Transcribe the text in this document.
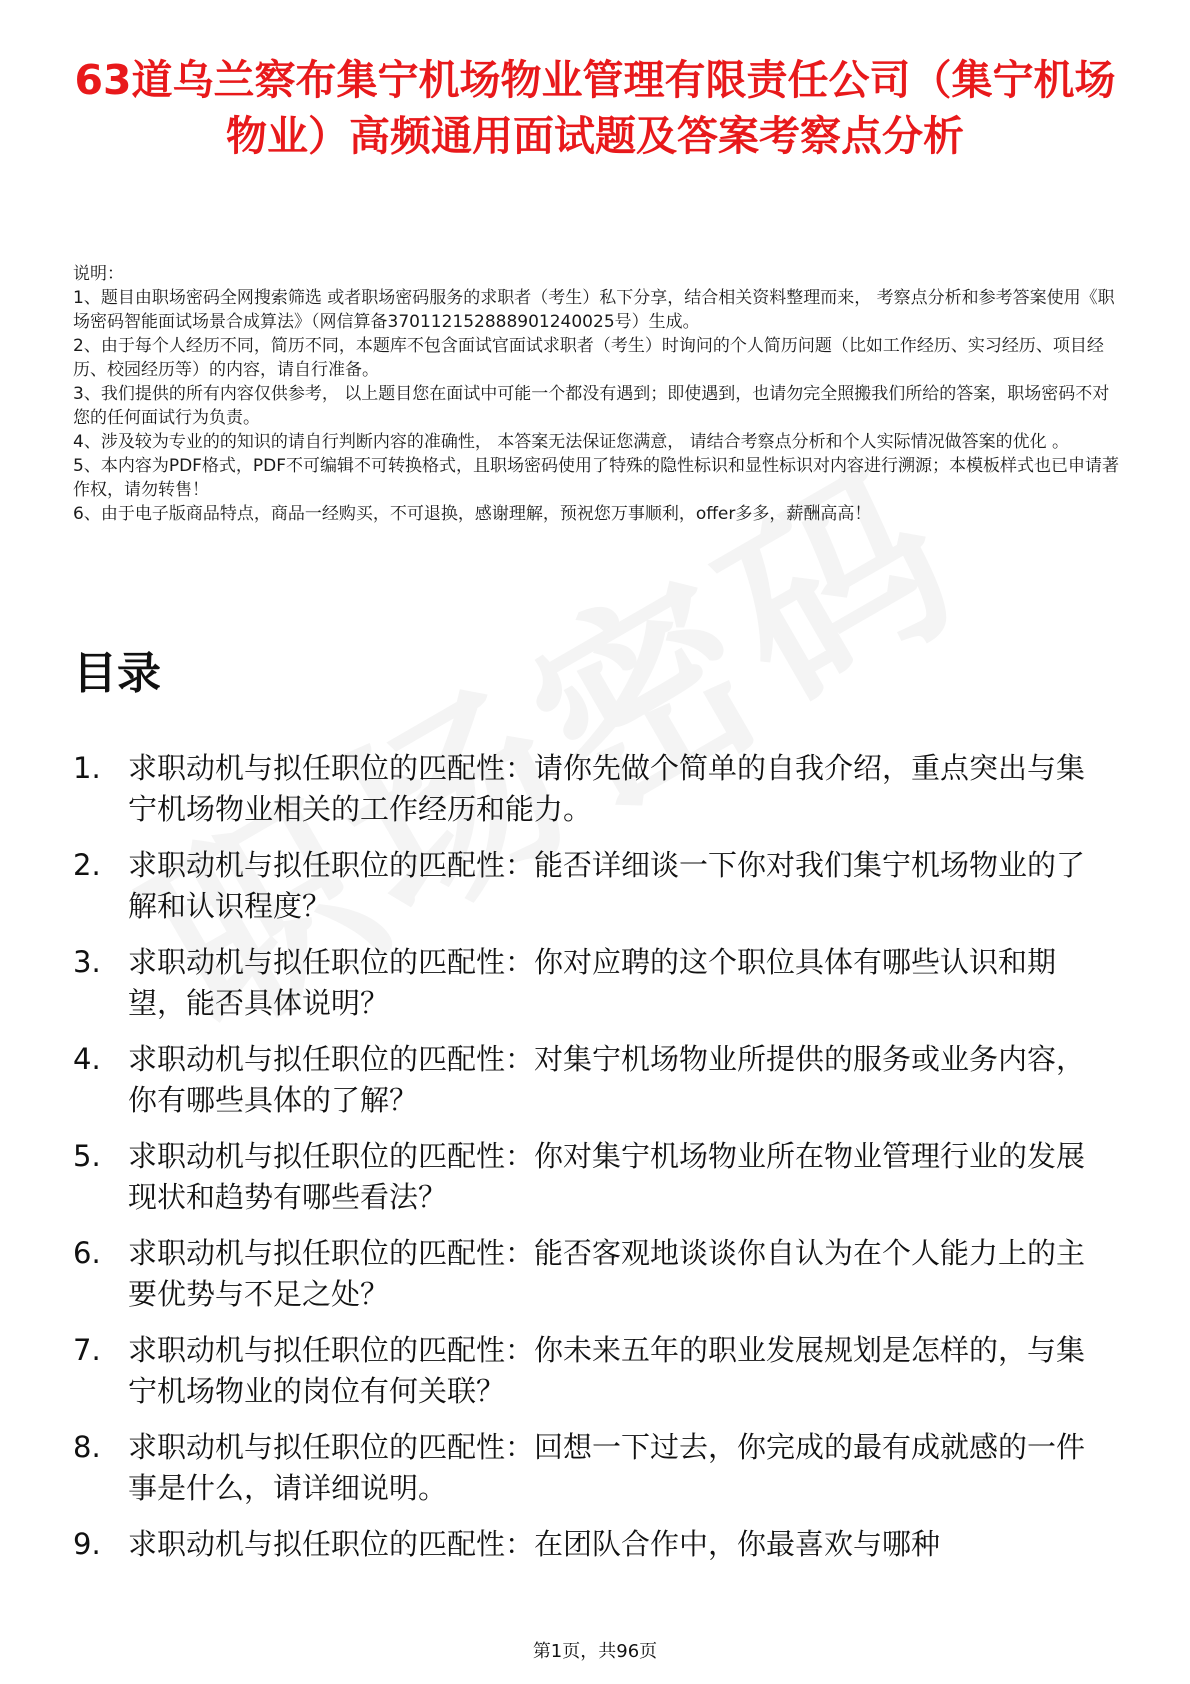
63道乌兰察布集宁机场物业管理有限责任公司（集宁机场物业）高频通用面试题及答案考察点分析

说明：

1、题目由职场密码全网搜索筛选 或者职场密码服务的求职者（考生）私下分享，结合相关资料整理而来， 考察点分析和参考答案使用《职场密码智能面试场景合成算法》（网信算备370112152888901240025号）生成。

2、由于每个人经历不同，简历不同，本题库不包含面试官面试求职者（考生）时询问的个人简历问题（比如工作经历、实习经历、项目经历、校园经历等）的内容，请自行准备。

3、我们提供的所有内容仅供参考， 以上题目您在面试中可能一个都没有遇到；即使遇到，也请勿完全照搬我们所给的答案，职场密码不对您的任何面试行为负责。

4、涉及较为专业的的知识的请自行判断内容的准确性， 本答案无法保证您满意， 请结合考察点分析和个人实际情况做答案的优化 。

5、本内容为PDF格式，PDF不可编辑不可转换格式，且职场密码使用了特殊的隐性标识和显性标识对内容进行溯源；本模板样式也已申请著作权，请勿转售！

6、由于电子版商品特点，商品一经购买，不可退换，感谢理解，预祝您万事顺利，offer多多，薪酬高高！

目录
1. 求职动机与拟任职位的匹配性：请你先做个简单的自我介绍，重点突出与集宁机场物业相关的工作经历和能力。
2. 求职动机与拟任职位的匹配性：能否详细谈一下你对我们集宁机场物业的了解和认识程度？
3. 求职动机与拟任职位的匹配性：你对应聘的这个职位具体有哪些认识和期望，能否具体说明？
4. 求职动机与拟任职位的匹配性：对集宁机场物业所提供的服务或业务内容，你有哪些具体的了解？
5. 求职动机与拟任职位的匹配性：你对集宁机场物业所在物业管理行业的发展现状和趋势有哪些看法？
6. 求职动机与拟任职位的匹配性：能否客观地谈谈你自认为在个人能力上的主要优势与不足之处？
7. 求职动机与拟任职位的匹配性：你未来五年的职业发展规划是怎样的，与集宁机场物业的岗位有何关联？
8. 求职动机与拟任职位的匹配性：回想一下过去，你完成的最有成就感的一件事是什么，请详细说明。
9. 求职动机与拟任职位的匹配性：在团队合作中，你最喜欢与哪种
第1页，共96页
